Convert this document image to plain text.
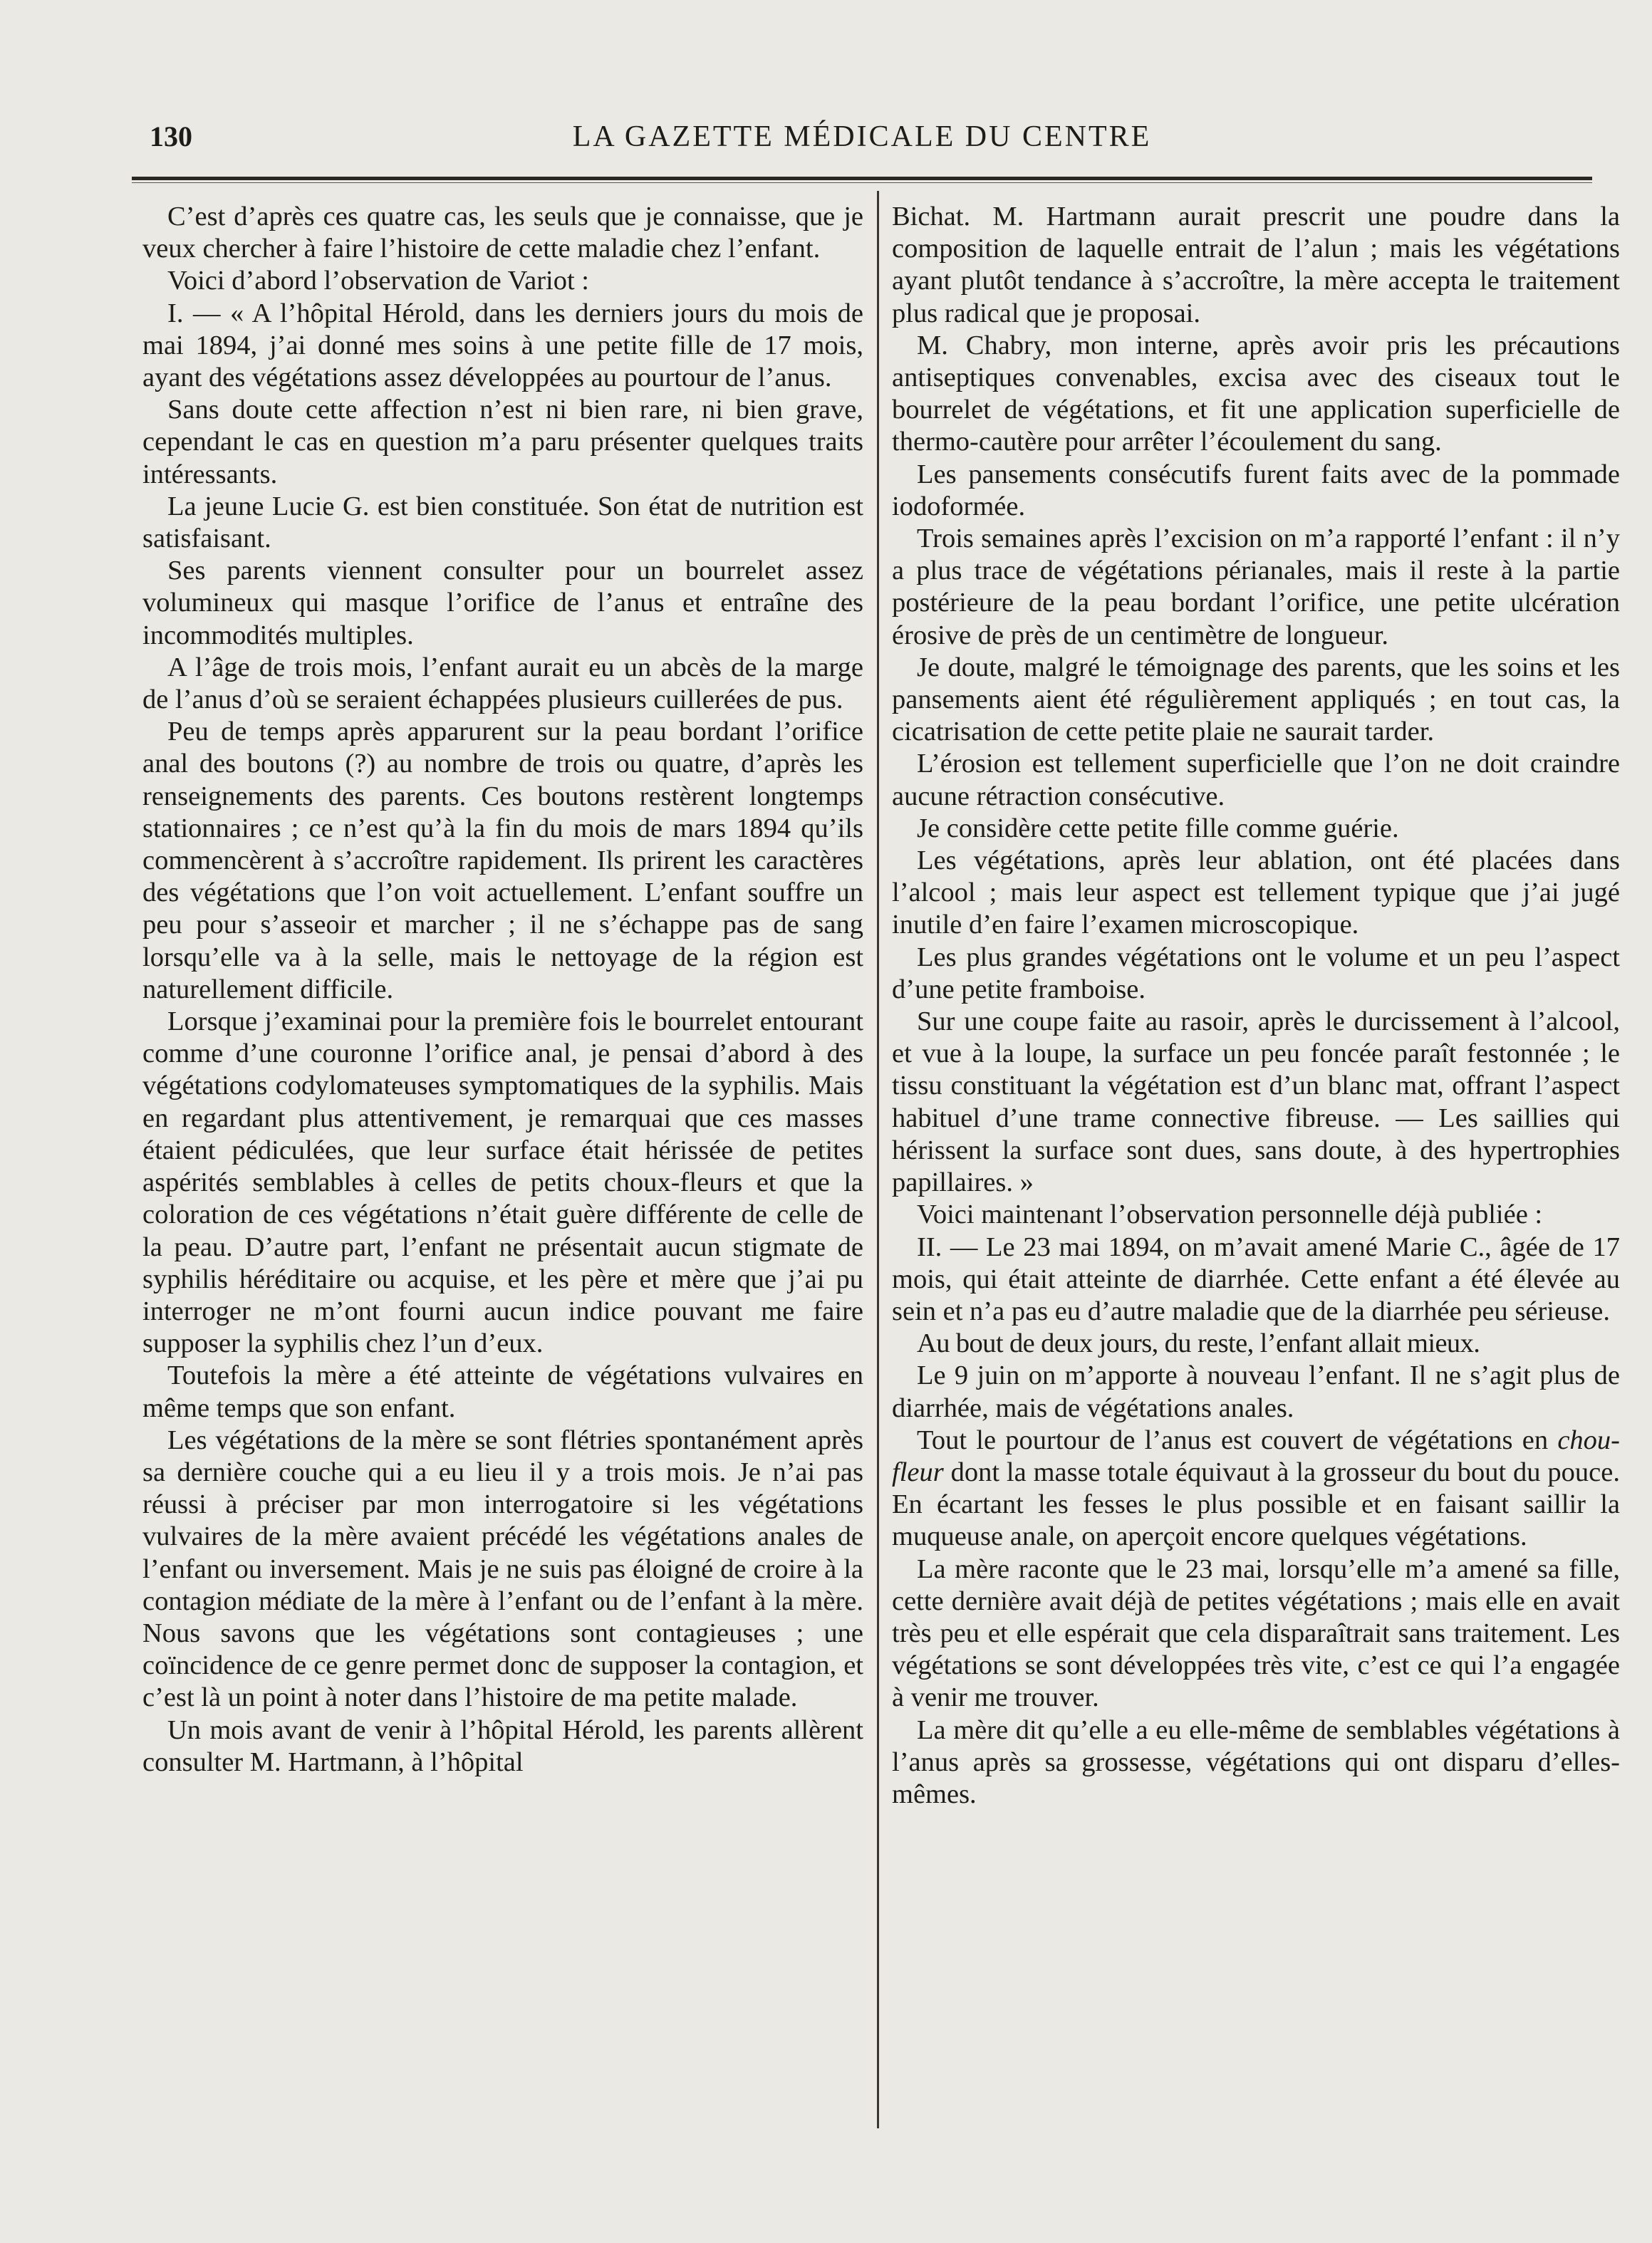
LA GAZETTE MÉDICALE DU CENTRE
130

C’est d’après ces quatre cas, les seuls que je connaisse, que je veux chercher à faire l’histoire de cette maladie chez l’enfant.

Voici d’abord l’observation de Variot :

I. — « A l’hôpital Hérold, dans les derniers jours du mois de mai 1894, j’ai donné mes soins à une petite fille de 17 mois, ayant des végétations assez développées au pourtour de l’anus.

Sans doute cette affection n’est ni bien rare, ni bien grave, cependant le cas en question m’a paru présenter quelques traits intéressants.

La jeune Lucie G. est bien constituée. Son état de nutrition est satisfaisant.

Ses parents viennent consulter pour un bourrelet assez volumineux qui masque l’orifice de l’anus et entraîne des incommodités multiples.

A l’âge de trois mois, l’enfant aurait eu un abcès de la marge de l’anus d’où se seraient échappées plusieurs cuillerées de pus.

Peu de temps après apparurent sur la peau bordant l’orifice anal des boutons (?) au nombre de trois ou quatre, d’après les renseignements des parents. Ces boutons restèrent longtemps stationnaires ; ce n’est qu’à la fin du mois de mars 1894 qu’ils commencèrent à s’accroître rapidement. Ils prirent les caractères des végétations que l’on voit actuellement. L’enfant souffre un peu pour s’asseoir et marcher ; il ne s’échappe pas de sang lorsqu’elle va à la selle, mais le nettoyage de la région est naturellement difficile.

Lorsque j’examinai pour la première fois le bourrelet entourant comme d’une couronne l’orifice anal, je pensai d’abord à des végétations codylomateuses symptomatiques de la syphilis. Mais en regardant plus attentivement, je remarquai que ces masses étaient pédiculées, que leur surface était hérissée de petites aspérités semblables à celles de petits choux-fleurs et que la coloration de ces végétations n’était guère différente de celle de la peau. D’autre part, l’enfant ne présentait aucun stigmate de syphilis héréditaire ou acquise, et les père et mère que j’ai pu interroger ne m’ont fourni aucun indice pouvant me faire supposer la syphilis chez l’un d’eux.

Toutefois la mère a été atteinte de végétations vulvaires en même temps que son enfant.

Les végétations de la mère se sont flétries spontanément après sa dernière couche qui a eu lieu il y a trois mois. Je n’ai pas réussi à préciser par mon interrogatoire si les végétations vulvaires de la mère avaient précédé les végétations anales de l’enfant ou inversement. Mais je ne suis pas éloigné de croire à la contagion médiate de la mère à l’enfant ou de l’enfant à la mère. Nous savons que les végétations sont contagieuses ; une coïncidence de ce genre permet donc de supposer la contagion, et c’est là un point à noter dans l’histoire de ma petite malade.

Un mois avant de venir à l’hôpital Hérold, les parents allèrent consulter M. Hartmann, à l’hôpital

Bichat. M. Hartmann aurait prescrit une poudre dans la composition de laquelle entrait de l’alun ; mais les végétations ayant plutôt tendance à s’accroître, la mère accepta le traitement plus radical que je proposai.

M. Chabry, mon interne, après avoir pris les précautions antiseptiques convenables, excisa avec des ciseaux tout le bourrelet de végétations, et fit une application superficielle de thermo-cautère pour arrêter l’écoulement du sang.

Les pansements consécutifs furent faits avec de la pommade iodoformée.

Trois semaines après l’excision on m’a rapporté l’enfant : il n’y a plus trace de végétations périanales, mais il reste à la partie postérieure de la peau bordant l’orifice, une petite ulcération érosive de près de un centimètre de longueur.

Je doute, malgré le témoignage des parents, que les soins et les pansements aient été régulièrement appliqués ; en tout cas, la cicatrisation de cette petite plaie ne saurait tarder.

L’érosion est tellement superficielle que l’on ne doit craindre aucune rétraction consécutive.

Je considère cette petite fille comme guérie.

Les végétations, après leur ablation, ont été placées dans l’alcool ; mais leur aspect est tellement typique que j’ai jugé inutile d’en faire l’examen microscopique.

Les plus grandes végétations ont le volume et un peu l’aspect d’une petite framboise.

Sur une coupe faite au rasoir, après le durcissement à l’alcool, et vue à la loupe, la surface un peu foncée paraît festonnée ; le tissu constituant la végétation est d’un blanc mat, offrant l’aspect habituel d’une trame connective fibreuse. — Les saillies qui hérissent la surface sont dues, sans doute, à des hypertrophies papillaires. »

Voici maintenant l’observation personnelle déjà publiée :

II. — Le 23 mai 1894, on m’avait amené Marie C., âgée de 17 mois, qui était atteinte de diarrhée. Cette enfant a été élevée au sein et n’a pas eu d’autre maladie que de la diarrhée peu sérieuse.

Au bout de deux jours, du reste, l’enfant allait mieux.

Le 9 juin on m’apporte à nouveau l’enfant. Il ne s’agit plus de diarrhée, mais de végétations anales.

Tout le pourtour de l’anus est couvert de végétations en chou-fleur dont la masse totale équivaut à la grosseur du bout du pouce. En écartant les fesses le plus possible et en faisant saillir la muqueuse anale, on aperçoit encore quelques végétations.

La mère raconte que le 23 mai, lorsqu’elle m’a amené sa fille, cette dernière avait déjà de petites végétations ; mais elle en avait très peu et elle espérait que cela disparaîtrait sans traitement. Les végétations se sont développées très vite, c’est ce qui l’a engagée à venir me trouver.

La mère dit qu’elle a eu elle-même de semblables végétations à l’anus après sa grossesse, végétations qui ont disparu d’elles-mêmes.
